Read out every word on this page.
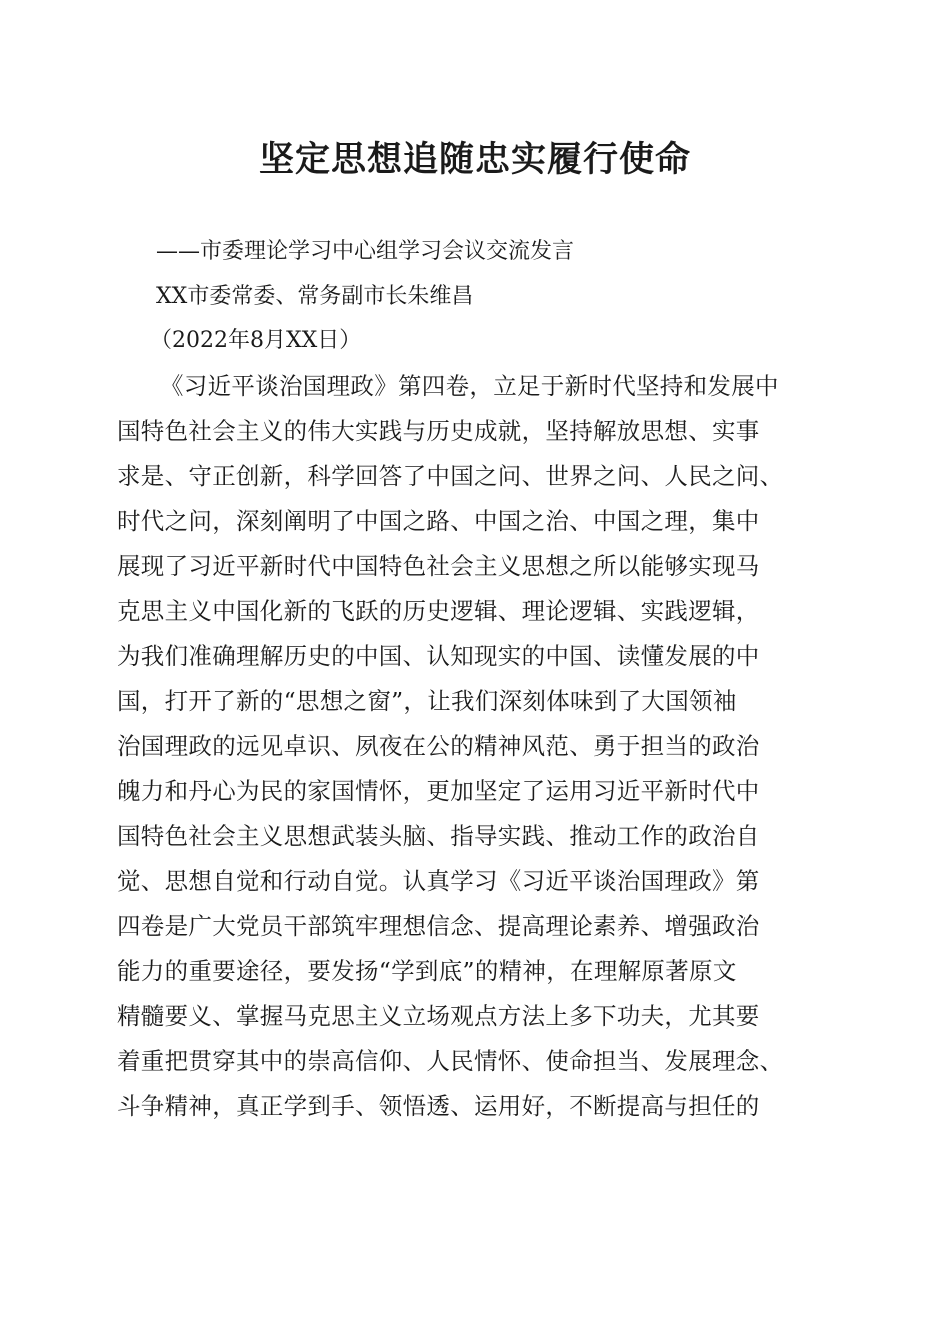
坚定思想追随忠实履行使命

——市委理论学习中心组学习会议交流发言

XX市委常委、常务副市长朱维昌

（2022年8月XX日）

《习近平谈治国理政》第四卷，立足于新时代坚持和发展中

国特色社会主义的伟大实践与历史成就，坚持解放思想、实事

求是、守正创新，科学回答了中国之问、世界之问、人民之问、

时代之问，深刻阐明了中国之路、中国之治、中国之理，集中

展现了习近平新时代中国特色社会主义思想之所以能够实现马

克思主义中国化新的飞跃的历史逻辑、理论逻辑、实践逻辑，

为我们准确理解历史的中国、认知现实的中国、读懂发展的中

国，打开了新的“思想之窗”，让我们深刻体味到了大国领袖

治国理政的远见卓识、夙夜在公的精神风范、勇于担当的政治

魄力和丹心为民的家国情怀，更加坚定了运用习近平新时代中

国特色社会主义思想武装头脑、指导实践、推动工作的政治自

觉、思想自觉和行动自觉。认真学习《习近平谈治国理政》第

四卷是广大党员干部筑牢理想信念、提高理论素养、增强政治

能力的重要途径，要发扬“学到底”的精神，在理解原著原文

精髓要义、掌握马克思主义立场观点方法上多下功夫，尤其要

着重把贯穿其中的崇高信仰、人民情怀、使命担当、发展理念、

斗争精神，真正学到手、领悟透、运用好，不断提高与担任的
